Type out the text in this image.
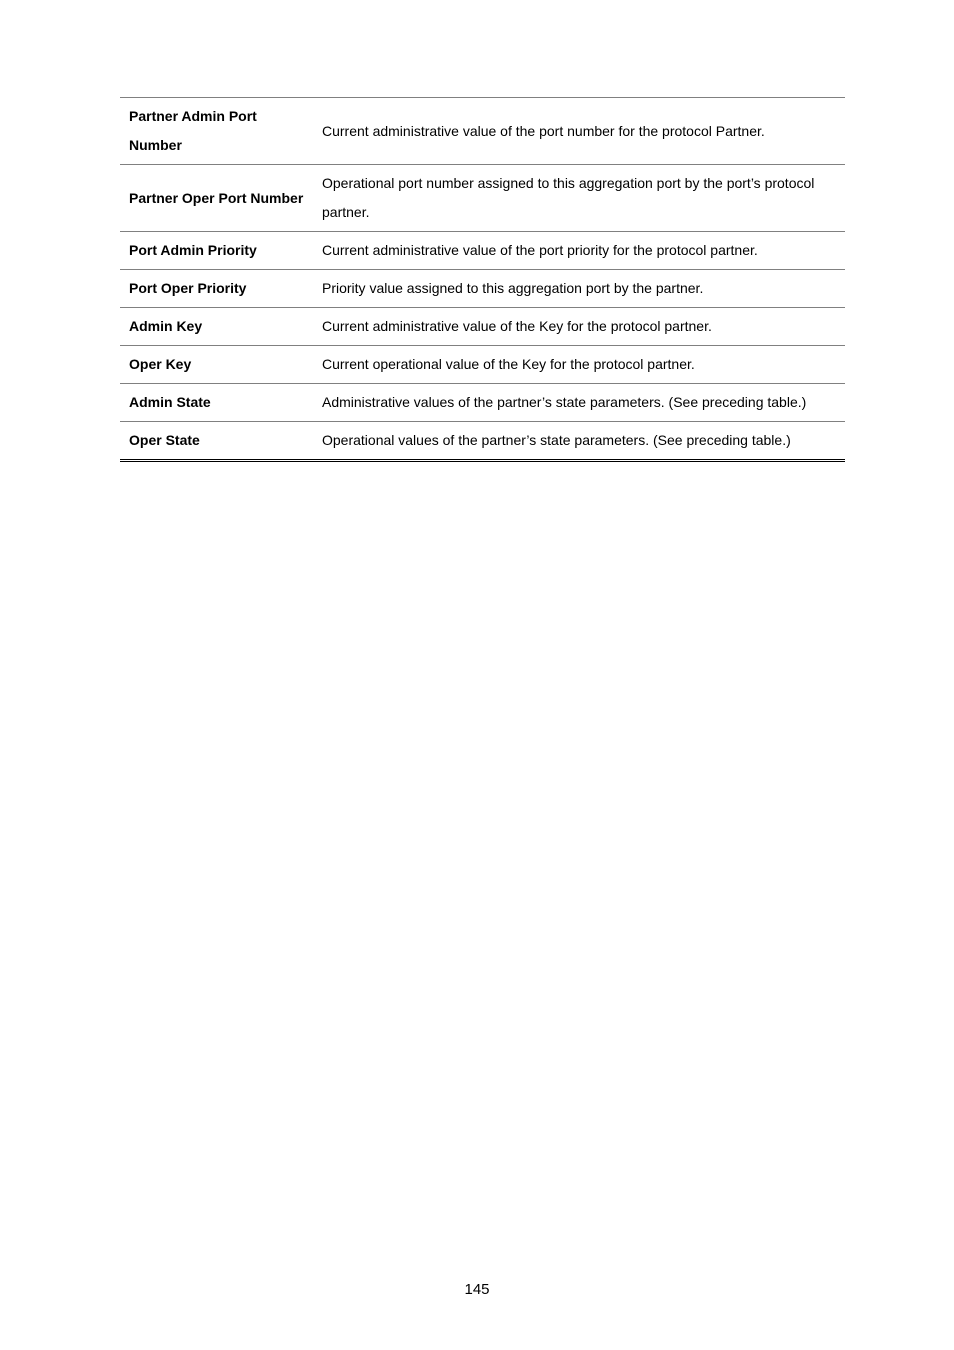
Partner Admin Port Number	Current administrative value of the port number for the protocol Partner.
Partner Oper Port Number	Operational port number assigned to this aggregation port by the port’s protocol partner.
Port Admin Priority	Current administrative value of the port priority for the protocol partner.
Port Oper Priority	Priority value assigned to this aggregation port by the partner.
Admin Key	Current administrative value of the Key for the protocol partner.
Oper Key	Current operational value of the Key for the protocol partner.
Admin State	Administrative values of the partner’s state parameters. (See preceding table.)
Oper State	Operational values of the partner’s state parameters. (See preceding table.)
145
